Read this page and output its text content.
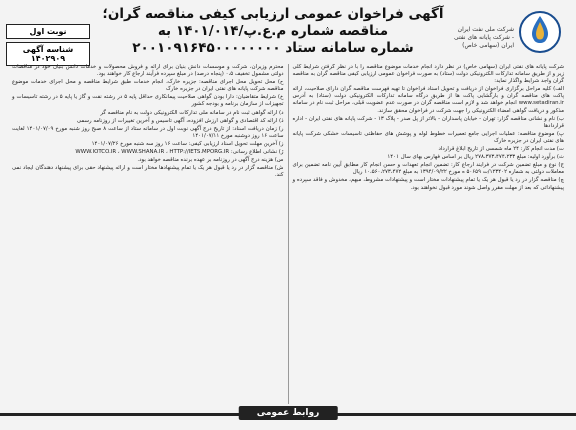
شرکت ملی نفت ایران - شرکت پایانه های نفتی ایران (سهامی خاص)
آگهی فراخوان عمومی ارزیابی کیفی مناقصه گران؛
مناقصه شماره م.ع.پ/۱۴۰۱/۰۱۴ به
شماره سامانه ستاد ۲۰۰۱۰۹۱۶۴۵۰۰۰۰۰۰۰۰
نوبت اول
شناسه آگهی ۱۴۰۲۹۰۹

شرکت پایانه های نفتی ایران (سهامی خاص) در نظر دارد انجام خدمات موضوع مناقصه را با در نظر گرفتن شرایط کلی زیر و از طریق سامانه تدارکات الکترونیکی دولت (ستاد) به صورت فراخوان عمومی ارزیابی کیفی مناقصه گران به مناقصه گران واجد شرایط واگذار نماید:

الف) کلیه مراحل برگزاری فراخوان از دریافت و تحویل اسناد فراخوان تا تهیه فهرست مناقصه گران دارای صلاحیت، ارائه پاکت های مناقصه گران و بارگشایی پاکت ها از طریق درگاه سامانه تدارکات الکترونیکی دولت (ستاد) به آدرس www.setadiran.ir انجام خواهد شد و لازم است مناقصه گران در صورت عدم عضویت قبلی، مراحل ثبت نام در سامانه مذکور و دریافت گواهی امضاء الکترونیکی را جهت شرکت در فراخوان محقق سازند.

ب) نام و نشانی مناقصه گزار: تهران - خیابان پاسداران - بالاتر از پل صدر - پلاک ۱۳ - شرکت پایانه های نفتی ایران - اداره قراردادها

پ) موضوع مناقصه: عملیات اجرایی جامع تعمیرات خطوط لوله و پوشش های حفاظتی تاسیسات خشکی شرکت پایانه های نفتی ایران در جزیره خارک

ت) مدت انجام کار: ۲۴ ماه شمسی از تاریخ ابلاغ قرارداد

ث) برآورد اولیه: مبلغ ۲۷۸،۳۷۳،۴۷۴،۲۳۳ ریال بر اساس فهارس بهای سال ۱۴۰۱

ج) نوع و مبلغ تضمین شرکت در فرایند ارجاع کار: تضمین انجام تعهدات و حسن انجام کار مطابق آیین نامه تضمین برای معاملات دولتی به شماره ۱۲۳۴۰۲/ت ۵۰۶۵۹ ه مورخ ۱۳۹۴/۰۹/۲۲ به مبلغ ۱۰،۵۶۰،۲۷۳،۴۷۲ ریال

چ) مناقصه گزار در رد یا قبول هر یک یا تمام پیشنهادات مختار است و پیشنهادات مشروط، مبهم، مخدوش و فاقد سپرده و پیشنهاداتی که بعد از مهلت مقرر واصل شوند مورد قبول نخواهند بود.

محترم وزیران، شرکت و موسسات دانش بنیان برای ارائه و فروش محصولات و خدمات دانش بنیان خود در مناقصات دولتی مشمول تخفیف ۰،۵ (پنجاه درصد) در مبلغ سپرده فرآیند ارجاع کار خواهند بود.

ح) محل تحویل محل اجرای مناقصه: جزیره خارک، انجام خدمات طبق شرایط مناقصه و محل اجرای خدمات موضوع مناقصه شرکت پایانه های نفتی ایران در جزیره خارک

خ) شرایط متقاضیان: دارا بودن گواهی صلاحیت پیمانکاری حداقل پایه ۵ در رشته نفت و گاز یا پایه ۵ در رشته تاسیسات و تجهیزات از سازمان برنامه و بودجه کشور

د) ارائه گواهی ثبت نام در سامانه ملی تدارکات الکترونیکی دولت به نام مناقصه گر

ذ) ارائه کد اقتصادی و گواهی ارزش افزوده، آگهی تاسیس و آخرین تغییرات از روزنامه رسمی

ر) زمان دریافت اسناد: از تاریخ درج آگهی نوبت اول در سامانه ستاد از ساعت ۸ صبح روز شنبه مورخ ۱۴۰۱/۰۷/۰۹ لغایت ساعت ۱۶ روز دوشنبه مورخ ۱۴۰۱/۰۷/۱۱

ز) آخرین مهلت تحویل اسناد ارزیابی کیفی: ساعت ۱۶ روز سه شنبه مورخ ۱۴۰۱/۰۷/۲۶

ژ) نشانی اطلاع رسانی: WWW.IOTCO.IR ، WWW.SHANA.IR ، HTTP://IETS.MPORG.IR

س) هزینه درج آگهی در روزنامه بر عهده برنده مناقصه خواهد بود.

ش) مناقصه گزار در رد یا قبول هر یک یا تمام پیشنهادها مختار است و ارائه پیشنهاد حقی برای پیشنهاد دهندگان ایجاد نمی کند.

روابط عمومی
